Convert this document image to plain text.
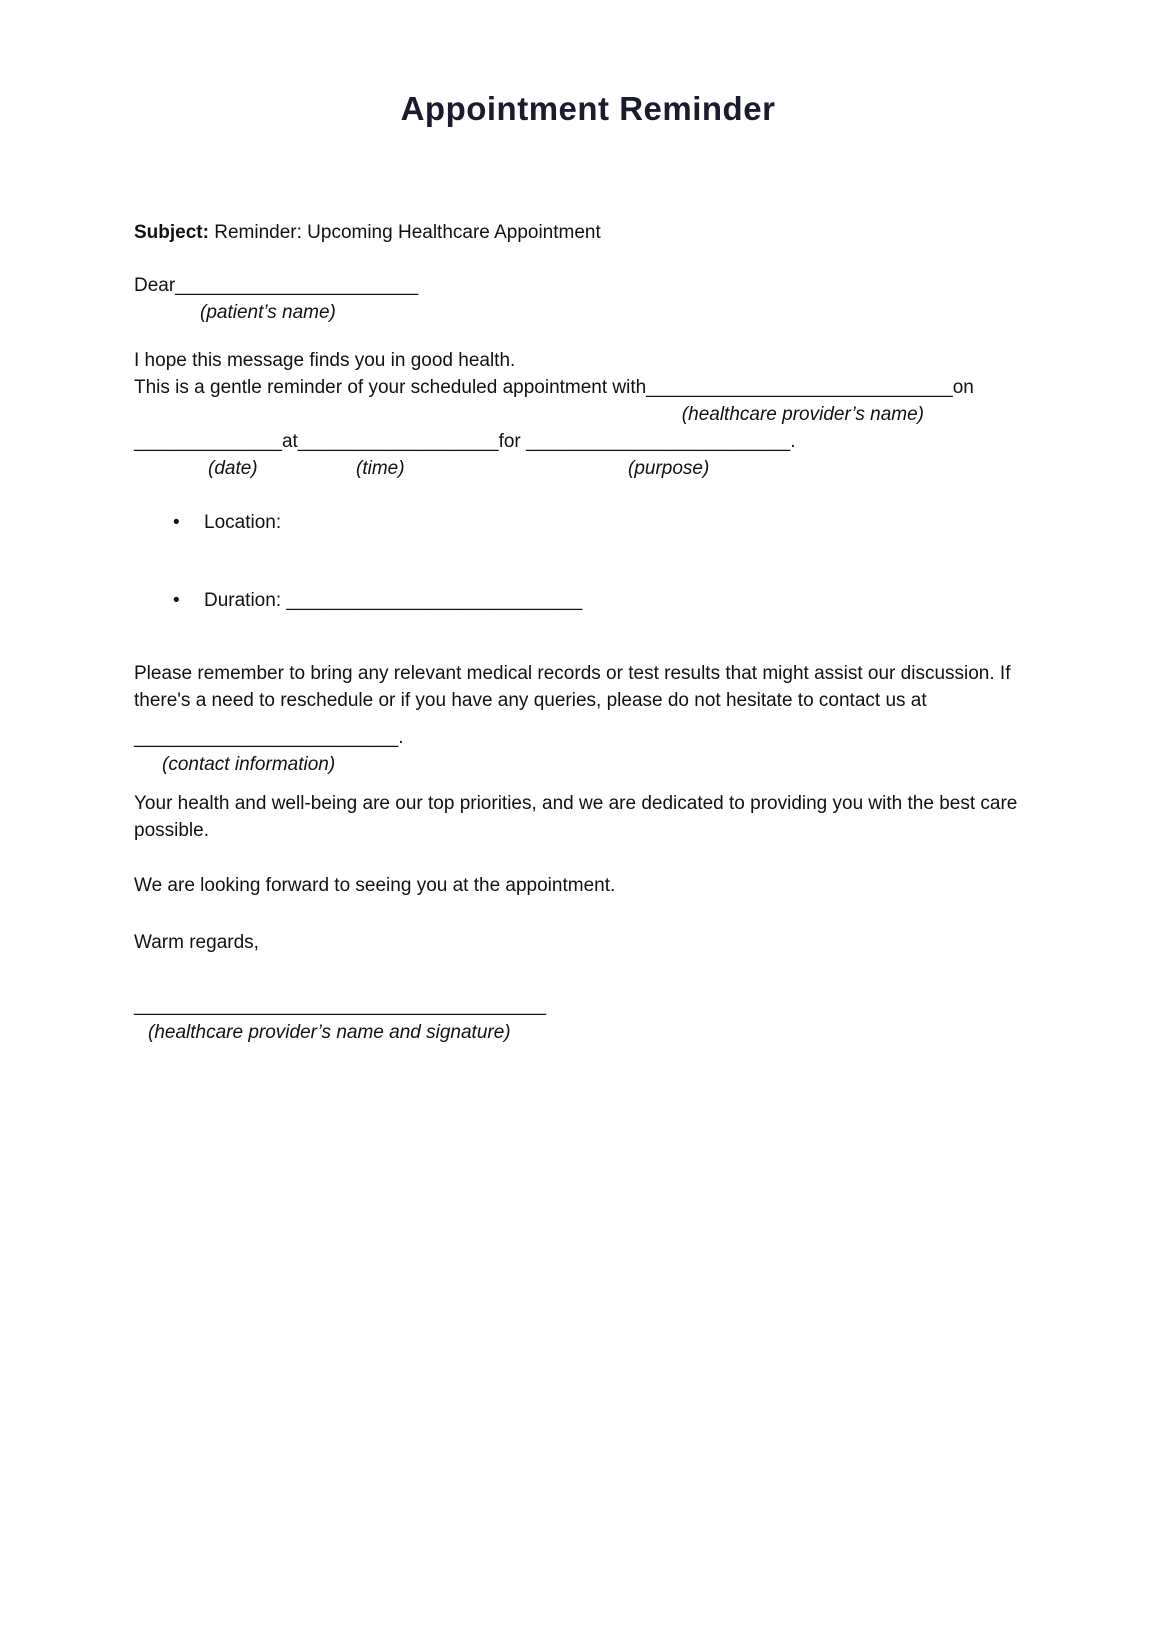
Appointment Reminder

Subject: Reminder: Upcoming Healthcare Appointment

Dear_______________________

(patient’s name)

I hope this message finds you in good health.

This is a gentle reminder of your scheduled appointment with_____________________________on

(healthcare provider’s name)

______________at___________________for _________________________.

(date)	(time)	(purpose)
• Location:
• Duration: ____________________________

Please remember to bring any relevant medical records or test results that might assist our discussion. If

there's a need to reschedule or if you have any queries, please do not hesitate to contact us at

_________________________.

(contact information)

Your health and well-being are our top priorities, and we are dedicated to providing you with the best care

possible.

We are looking forward to seeing you at the appointment.

Warm regards,

_______________________________________

(healthcare provider’s name and signature)
